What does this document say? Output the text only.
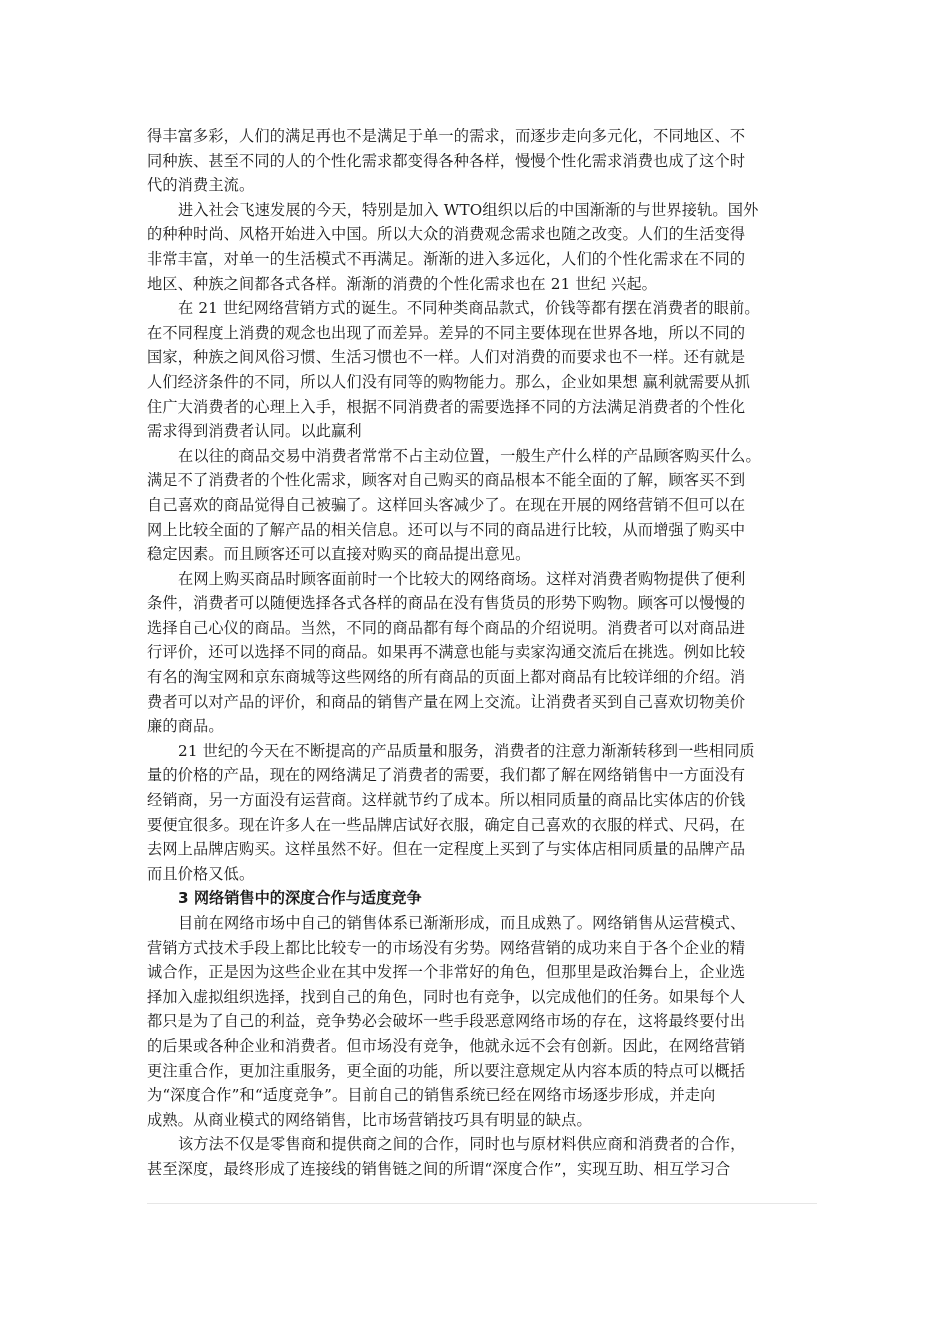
得丰富多彩，人们的满足再也不是满足于单一的需求，而逐步走向多元化，不同地区、不
同种族、甚至不同的人的个性化需求都变得各种各样，慢慢个性化需求消费也成了这个时
代的消费主流。
进入社会飞速发展的今天，特别是加入 WTO组织以后的中国渐渐的与世界接轨。国外
的种种时尚、风格开始进入中国。所以大众的消费观念需求也随之改变。人们的生活变得
非常丰富，对单一的生活模式不再满足。渐渐的进入多远化，人们的个性化需求在不同的
地区、种族之间都各式各样。渐渐的消费的个性化需求也在 21 世纪 兴起。
在 21 世纪网络营销方式的诞生。不同种类商品款式，价钱等都有摆在消费者的眼前。
在不同程度上消费的观念也出现了而差异。差异的不同主要体现在世界各地，所以不同的
国家，种族之间风俗习惯、生活习惯也不一样。人们对消费的而要求也不一样。还有就是
人们经济条件的不同，所以人们没有同等的购物能力。那么，企业如果想 赢利就需要从抓
住广大消费者的心理上入手，根据不同消费者的需要选择不同的方法满足消费者的个性化
需求得到消费者认同。以此赢利
在以往的商品交易中消费者常常不占主动位置，一般生产什么样的产品顾客购买什么。
满足不了消费者的个性化需求，顾客对自己购买的商品根本不能全面的了解，顾客买不到
自己喜欢的商品觉得自己被骗了。这样回头客减少了。在现在开展的网络营销不但可以在
网上比较全面的了解产品的相关信息。还可以与不同的商品进行比较，从而增强了购买中
稳定因素。而且顾客还可以直接对购买的商品提出意见。
在网上购买商品时顾客面前时一个比较大的网络商场。这样对消费者购物提供了便利
条件，消费者可以随便选择各式各样的商品在没有售货员的形势下购物。顾客可以慢慢的
选择自己心仪的商品。当然，不同的商品都有每个商品的介绍说明。消费者可以对商品进
行评价，还可以选择不同的商品。如果再不满意也能与卖家沟通交流后在挑选。例如比较
有名的淘宝网和京东商城等这些网络的所有商品的页面上都对商品有比较详细的介绍。消
费者可以对产品的评价，和商品的销售产量在网上交流。让消费者买到自己喜欢切物美价
廉的商品。
21 世纪的今天在不断提高的产品质量和服务，消费者的注意力渐渐转移到一些相同质
量的价格的产品，现在的网络满足了消费者的需要，我们都了解在网络销售中一方面没有
经销商，另一方面没有运营商。这样就节约了成本。所以相同质量的商品比实体店的价钱
要便宜很多。现在许多人在一些品牌店试好衣服，确定自己喜欢的衣服的样式、尺码，在
去网上品牌店购买。这样虽然不好。但在一定程度上买到了与实体店相同质量的品牌产品
而且价格又低。
3 网络销售中的深度合作与适度竞争
目前在网络市场中自己的销售体系已渐渐形成，而且成熟了。网络销售从运营模式、
营销方式技术手段上都比比较专一的市场没有劣势。网络营销的成功来自于各个企业的精
诚合作，正是因为这些企业在其中发挥一个非常好的角色，但那里是政治舞台上，企业选
择加入虚拟组织选择，找到自己的角色，同时也有竞争，以完成他们的任务。如果每个人
都只是为了自己的利益，竞争势必会破坏一些手段恶意网络市场的存在，这将最终要付出
的后果或各种企业和消费者。但市场没有竞争，他就永远不会有创新。因此，在网络营销
更注重合作，更加注重服务，更全面的功能，所以要注意规定从内容本质的特点可以概括
为“深度合作”和“适度竞争”。目前自己的销售系统已经在网络市场逐步形成，并走向
成熟。从商业模式的网络销售，比市场营销技巧具有明显的缺点。
该方法不仅是零售商和提供商之间的合作，同时也与原材料供应商和消费者的合作，
甚至深度，最终形成了连接线的销售链之间的所谓“深度合作”，实现互助、相互学习合
